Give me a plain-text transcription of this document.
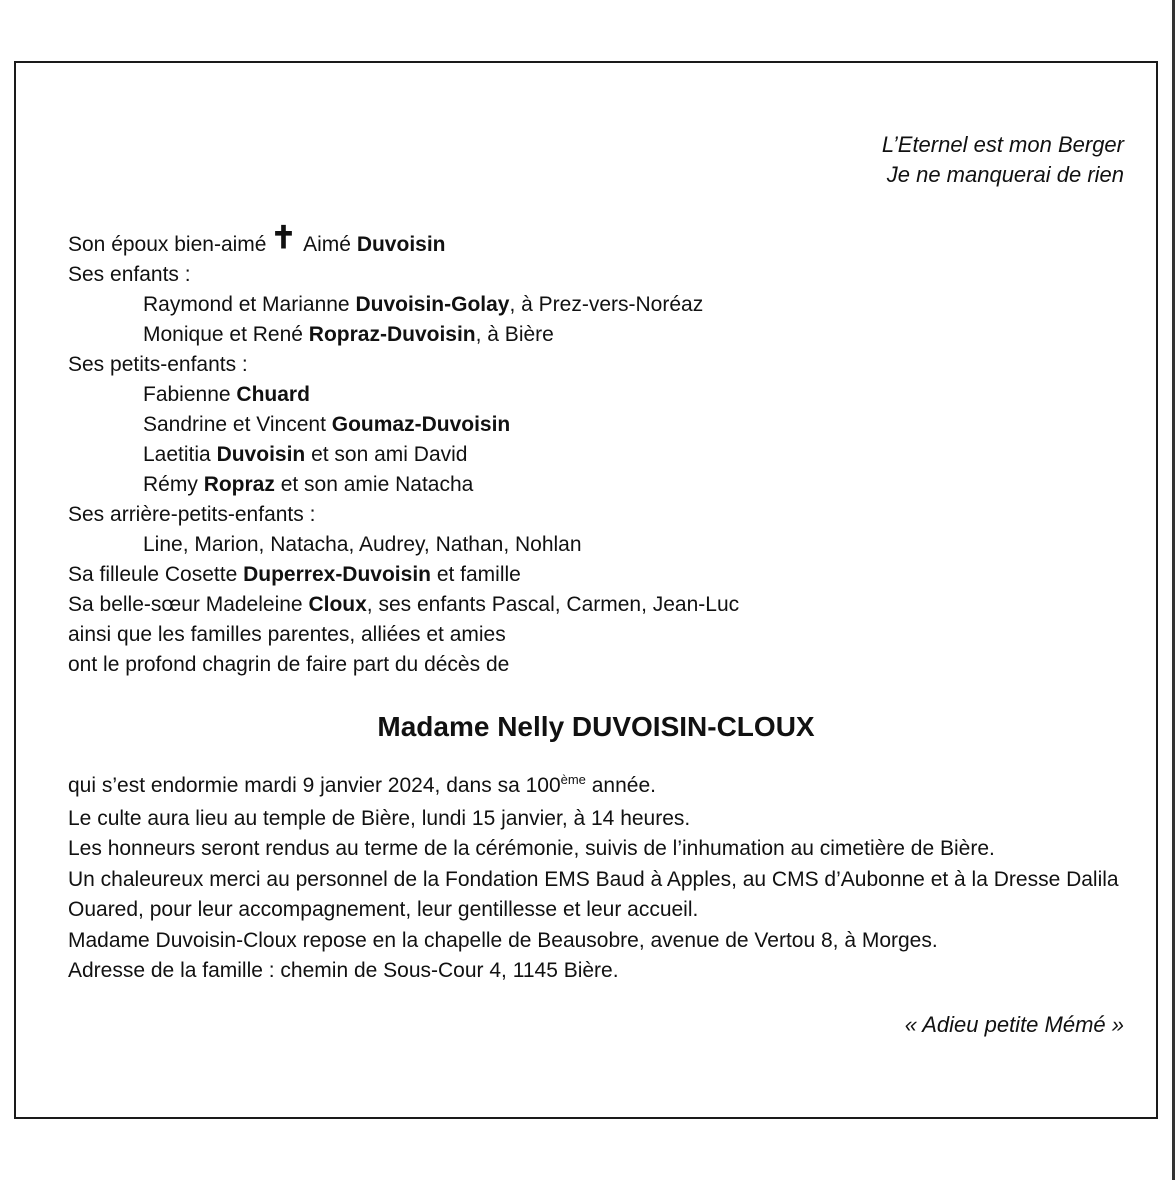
L’Eternel est mon Berger
Je ne manquerai de rien
Son époux bien-aimé ✝ Aimé Duvoisin
Ses enfants :
Raymond et Marianne Duvoisin-Golay, à Prez-vers-Noréaz
Monique et René Ropraz-Duvoisin, à Bière
Ses petits-enfants :
Fabienne Chuard
Sandrine et Vincent Goumaz-Duvoisin
Laetitia Duvoisin et son ami David
Rémy Ropraz et son amie Natacha
Ses arrière-petits-enfants :
Line, Marion, Natacha, Audrey, Nathan, Nohlan
Sa filleule Cosette Duperrex-Duvoisin et famille
Sa belle-sœur Madeleine Cloux, ses enfants Pascal, Carmen, Jean-Luc
ainsi que les familles parentes, alliées et amies
ont le profond chagrin de faire part du décès de
Madame Nelly DUVOISIN-CLOUX
qui s’est endormie mardi 9 janvier 2024, dans sa 100ème année.
Le culte aura lieu au temple de Bière, lundi 15 janvier, à 14 heures.
Les honneurs seront rendus au terme de la cérémonie, suivis de l’inhumation au cimetière de Bière.
Un chaleureux merci au personnel de la Fondation EMS Baud à Apples, au CMS d’Aubonne et à la Dresse Dalila Ouared, pour leur accompagnement, leur gentillesse et leur accueil.
Madame Duvoisin-Cloux repose en la chapelle de Beausobre, avenue de Vertou 8, à Morges.
Adresse de la famille : chemin de Sous-Cour 4, 1145 Bière.
« Adieu petite Mémé »
